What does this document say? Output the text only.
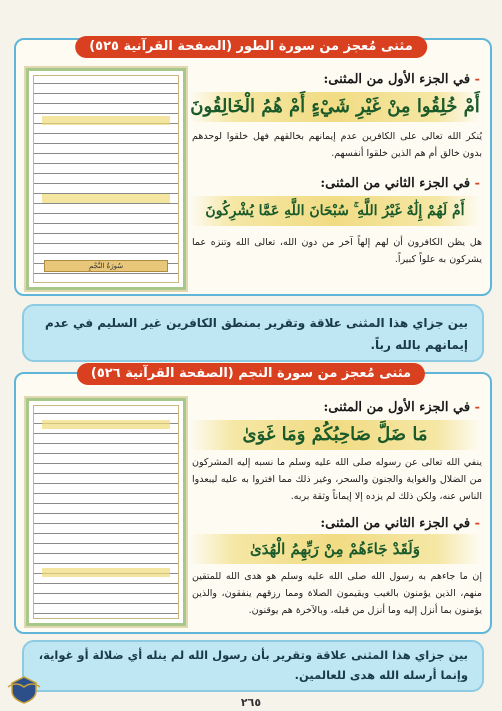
مثنى مُعجز من سورة الطور (الصفحة القرآنية ٥٢٥)
سُورَةُ النَّجْمِ
- في الجزء الأول من المثنى:
أَمْ خُلِقُوا مِنْ غَيْرِ شَيْءٍ أَمْ هُمُ الْخَالِقُونَ
يُنكر الله تعالى على الكافرين عدم إيمانهم بخالقهم فهل خلقوا لوحدهم بدون خالق أم هم الذين خلقوا أنفسهم.
- في الجزء الثاني من المثنى:
أَمْ لَهُمْ إِلَٰهٌ غَيْرُ اللَّهِ ۚ سُبْحَانَ اللَّهِ عَمَّا يُشْرِكُونَ
هل يظن الكافرون أن لهم إلهاً آخر من دون الله، تعالى الله وتنزه عما يشركون به علواً كبيراً.
بين جزاي هذا المثنى علاقة وتقرير بمنطق الكافرين غير السليم في عدم إيمانهم بالله رباً.
مثنى مُعجز من سورة النجم (الصفحة القرآنية ٥٢٦)
- في الجزء الأول من المثنى:
مَا ضَلَّ صَاحِبُكُمْ وَمَا غَوَىٰ
ينفي الله تعالى عن رسوله صلى الله عليه وسلم ما نسبه إليه المشركون من الضلال والغواية والجنون والسحر، وغير ذلك مما افتروا به عليه ليبعدوا الناس عنه، ولكن ذلك لم يزده إلا إيماناً وثقة بربه.
- في الجزء الثاني من المثنى:
وَلَقَدْ جَاءَهُمْ مِنْ رَبِّهِمُ الْهُدَىٰ
إن ما جاءهم به رسول الله صلى الله عليه وسلم هو هدى الله للمتقين منهم، الذين يؤمنون بالغيب ويقيمون الصلاة ومما رزقهم ينفقون، والذين يؤمنون بما أنزل إليه وما أنزل من قبله، وبالآخرة هم يوقنون.
بين جزاي هذا المثنى علاقة وتقرير بأن رسول الله لم ينله أي ضلالة أو غواية، وإنما أرسله الله هدى للعالمين.
٢٦٥
